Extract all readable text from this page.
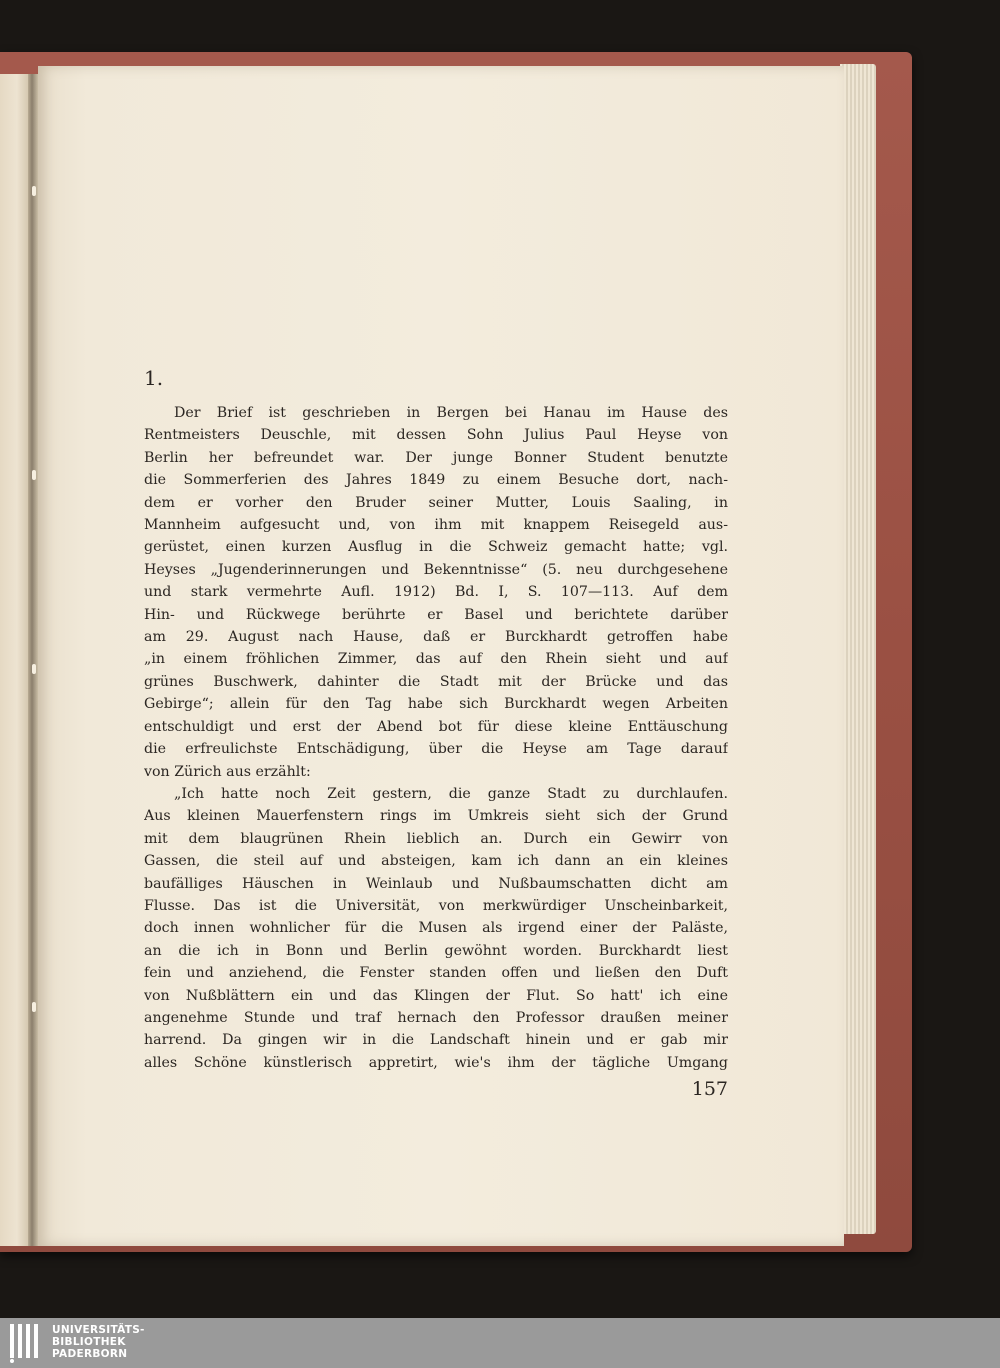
1.
Der Brief ist geschrieben in Bergen bei Hanau im Hause des
Rentmeisters Deuschle, mit dessen Sohn Julius Paul Heyse von
Berlin her befreundet war. Der junge Bonner Student benutzte
die Sommerferien des Jahres 1849 zu einem Besuche dort, nach-
dem er vorher den Bruder seiner Mutter, Louis Saaling, in
Mannheim aufgesucht und, von ihm mit knappem Reisegeld aus-
gerüstet, einen kurzen Ausflug in die Schweiz gemacht hatte; vgl.
Heyses „Jugenderinnerungen und Bekenntnisse“ (5. neu durchgesehene
und stark vermehrte Aufl. 1912) Bd. I, S. 107—113. Auf dem
Hin- und Rückwege berührte er Basel und berichtete darüber
am 29. August nach Hause, daß er Burckhardt getroffen habe
„in einem fröhlichen Zimmer, das auf den Rhein sieht und auf
grünes Buschwerk, dahinter die Stadt mit der Brücke und das
Gebirge“; allein für den Tag habe sich Burckhardt wegen Arbeiten
entschuldigt und erst der Abend bot für diese kleine Enttäuschung
die erfreulichste Entschädigung, über die Heyse am Tage darauf
von Zürich aus erzählt:
„Ich hatte noch Zeit gestern, die ganze Stadt zu durchlaufen.
Aus kleinen Mauerfenstern rings im Umkreis sieht sich der Grund
mit dem blaugrünen Rhein lieblich an. Durch ein Gewirr von
Gassen, die steil auf und absteigen, kam ich dann an ein kleines
baufälliges Häuschen in Weinlaub und Nußbaumschatten dicht am
Flusse. Das ist die Universität, von merkwürdiger Unscheinbarkeit,
doch innen wohnlicher für die Musen als irgend einer der Paläste,
an die ich in Bonn und Berlin gewöhnt worden. Burckhardt liest
fein und anziehend, die Fenster standen offen und ließen den Duft
von Nußblättern ein und das Klingen der Flut. So hatt' ich eine
angenehme Stunde und traf hernach den Professor draußen meiner
harrend. Da gingen wir in die Landschaft hinein und er gab mir
alles Schöne künstlerisch appretirt, wie's ihm der tägliche Umgang
157
UNIVERSITÄTS-
BIBLIOTHEK
PADERBORN
